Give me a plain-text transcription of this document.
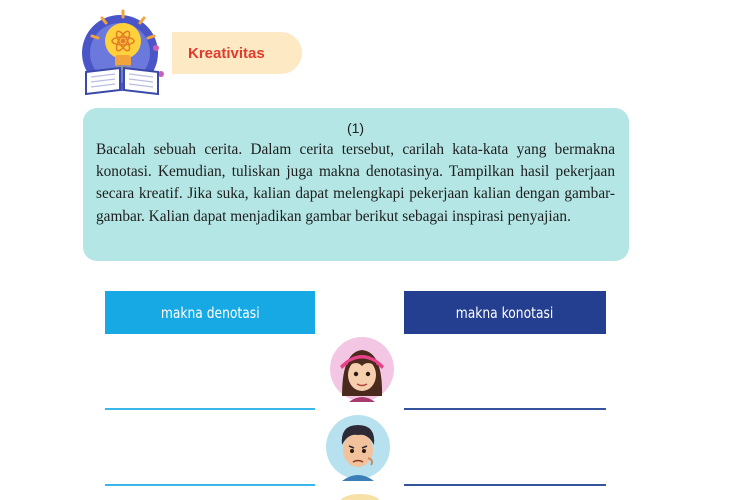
Kreativitas
(1)

Bacalah sebuah cerita. Dalam cerita tersebut, carilah kata-kata yang bermakna konotasi. Kemudian, tuliskan juga makna denotasinya. Tampilkan hasil pekerjaan secara kreatif. Jika suka, kalian dapat melengkapi pekerjaan kalian dengan gambar-gambar. Kalian dapat menjadikan gambar berikut sebagai inspirasi penyajian.

makna denotasi	makna konotasi
